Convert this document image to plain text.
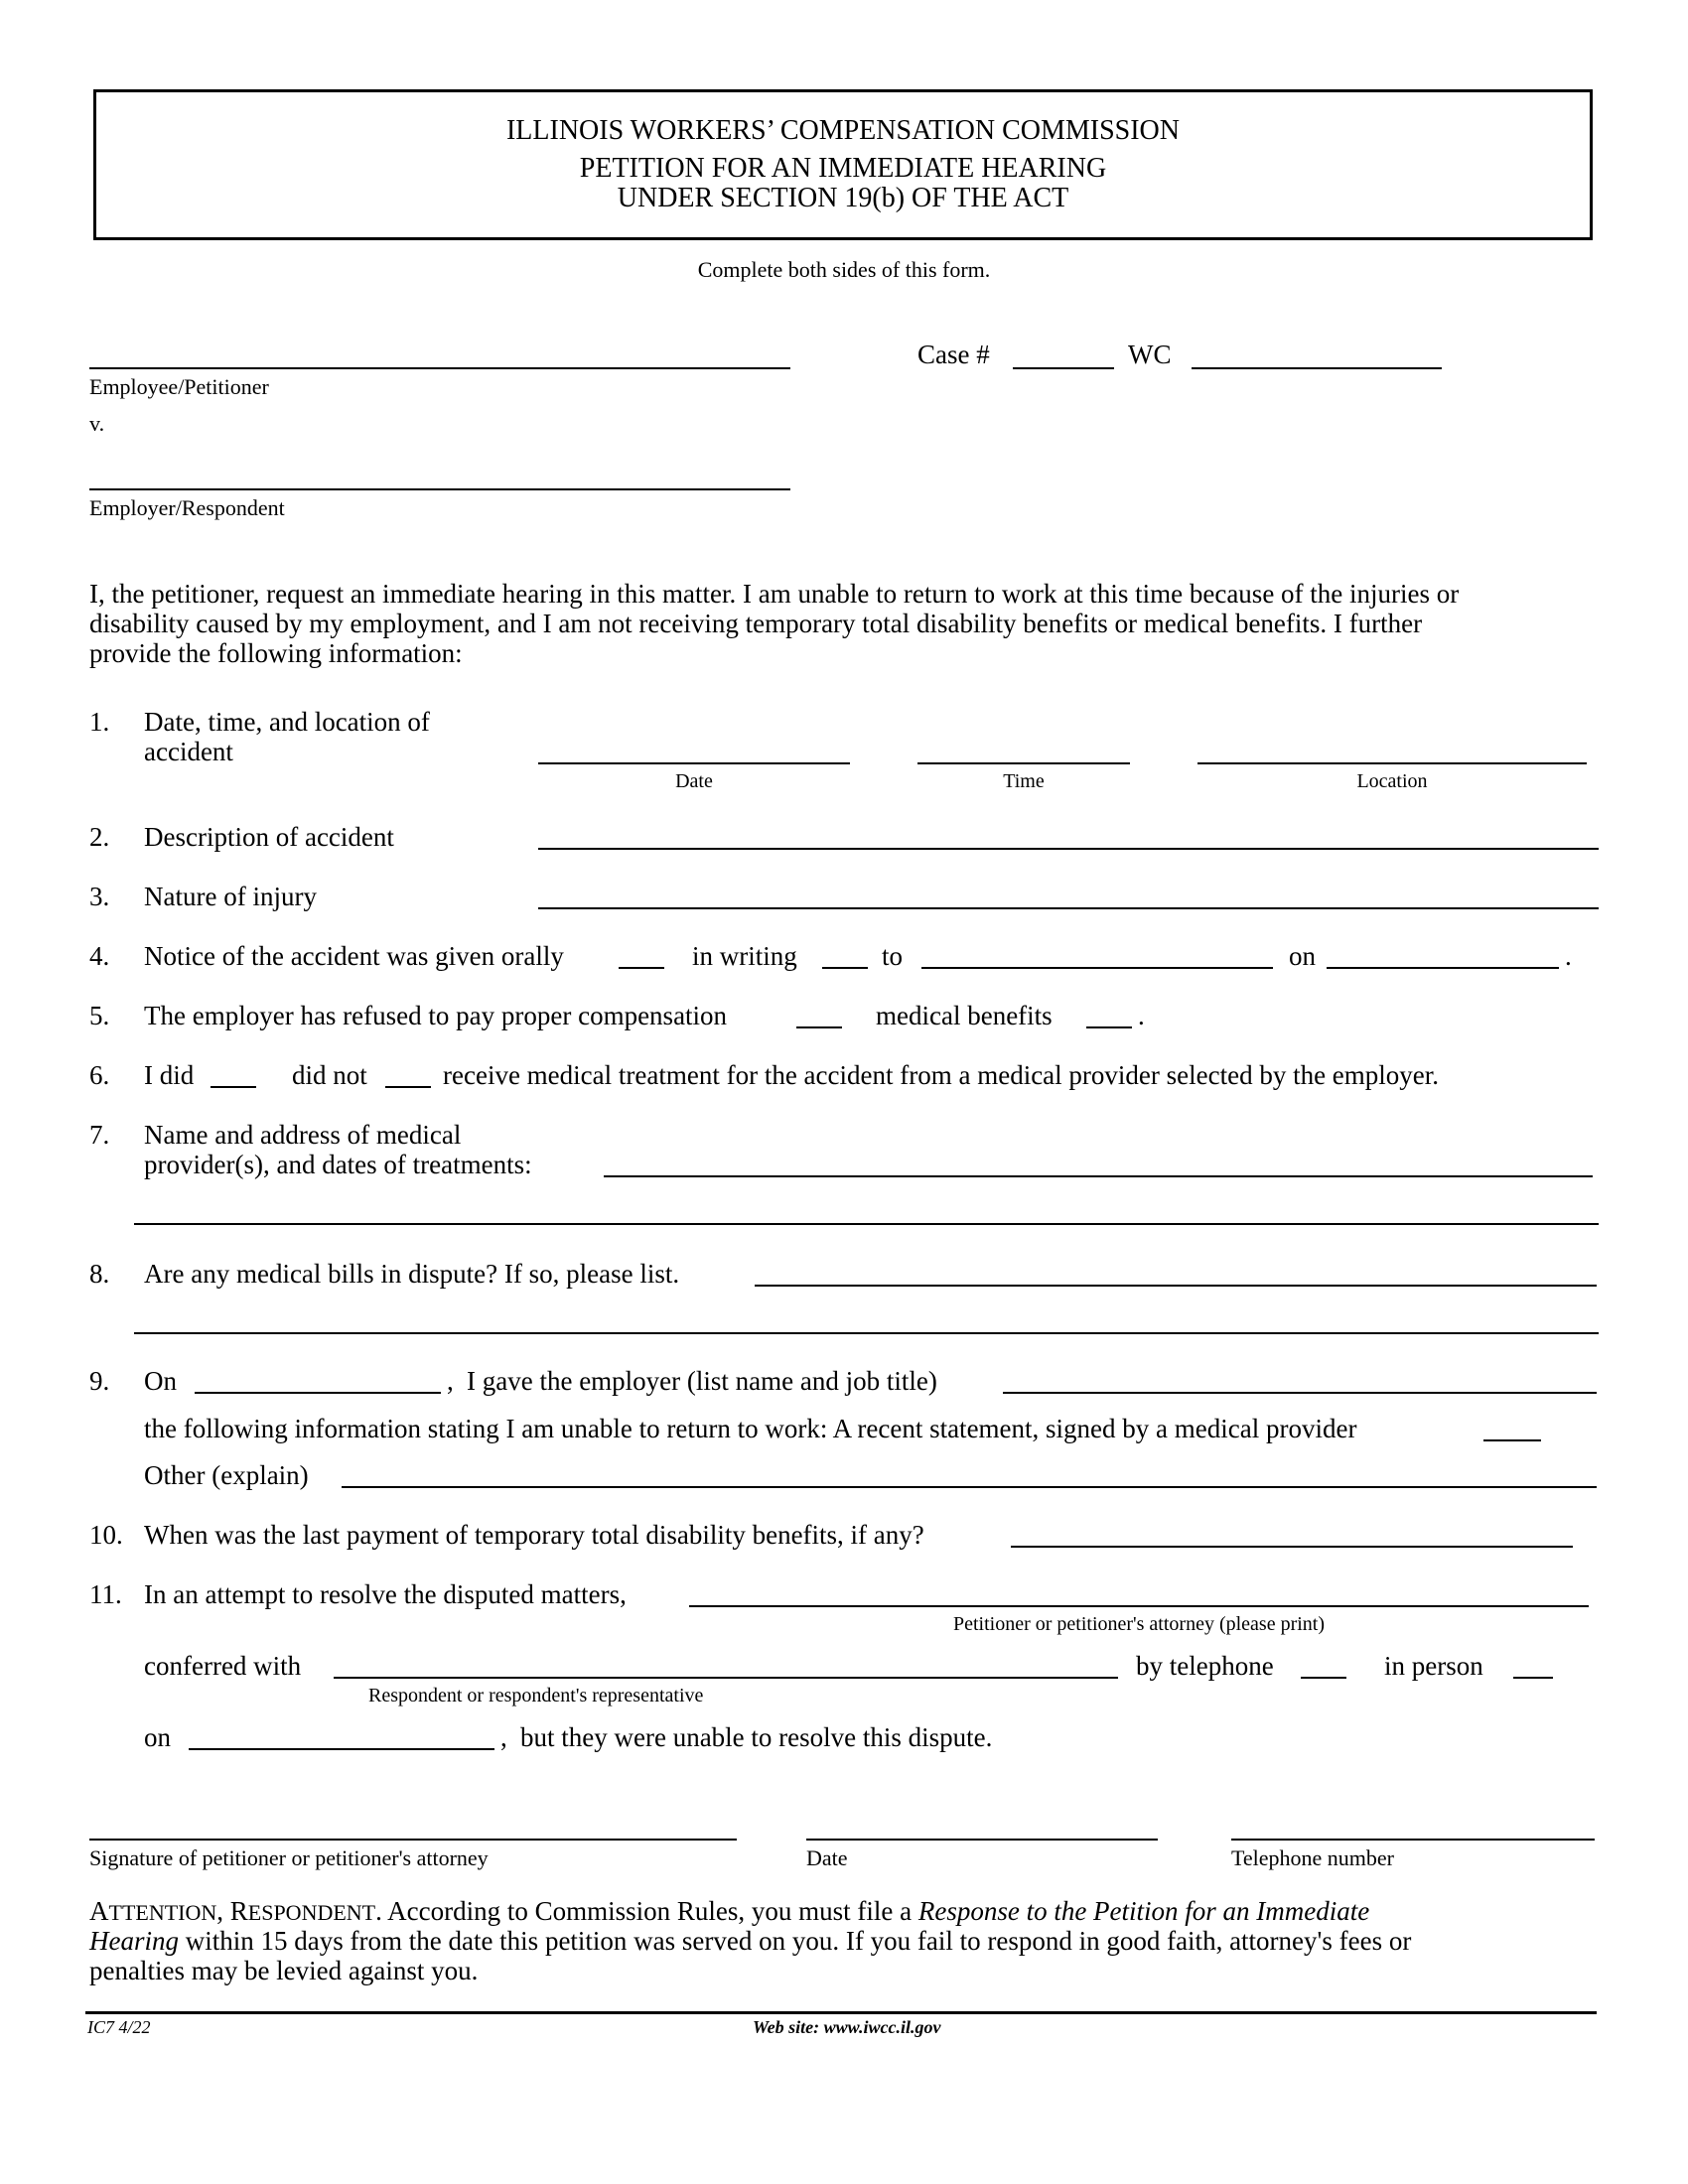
ILLINOIS WORKERS’ COMPENSATION COMMISSION
PETITION FOR AN IMMEDIATE HEARING
UNDER SECTION 19(b) OF THE ACT
Complete both sides of this form.
Employee/Petitioner
v.
Employer/Respondent
Case #	WC
I, the petitioner, request an immediate hearing in this matter. I am unable to return to work at this time because of the injuries or
disability caused by my employment, and I am not receiving temporary total disability benefits or medical benefits. I further
provide the following information:
1. Date, time, and location of
accident
Date	Time	Location
2. Description of accident
3. Nature of injury
4. Notice of the accident was given orally	in writing	to	on	.
5. The employer has refused to pay proper compensation	medical benefits	.
6. I did	did not	receive medical treatment for the accident from a medical provider selected by the employer.
7. Name and address of medical
provider(s), and dates of treatments:
8. Are any medical bills in dispute? If so, please list.
9. On	, I gave the employer (list name and job title)
the following information stating I am unable to return to work: A recent statement, signed by a medical provider
Other (explain)
10. When was the last payment of temporary total disability benefits, if any?
11. In an attempt to resolve the disputed matters,
Petitioner or petitioner's attorney (please print)
conferred with
Respondent or respondent's representative
by telephone	in person
on	, but they were unable to resolve this dispute.
Signature of petitioner or petitioner's attorney	Date	Telephone number
ATTENTION, RESPONDENT. According to Commission Rules, you must file a Response to the Petition for an Immediate
Hearing within 15 days from the date this petition was served on you. If you fail to respond in good faith, attorney's fees or
penalties may be levied against you.
IC7 4/22	Web site: www.iwcc.il.gov
